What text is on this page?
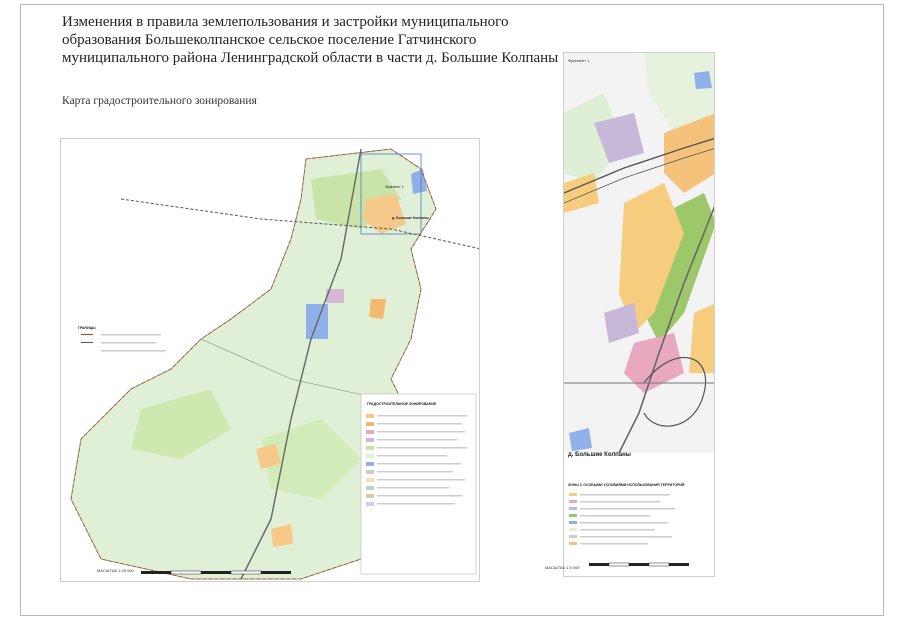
Изменения в правила землепользования и застройки муниципального образования Большеколпанское сельское поселение Гатчинского муниципального района Ленинградской области в части д. Большие Колпаны

Карта градостроительного зонирования

ГРАДОСТРОИТЕЛЬНОЕ ЗОНИРОВАНИЕ
ГРАНИЦЫ
Фрагмент 1
д. Большие Колпаны
МАСШТАБ 1:25 000
Фрагмент 1
д. Большие Колпаны
ЗОНЫ С ОСОБЫМИ УСЛОВИЯМИ ИСПОЛЬЗОВАНИЯ ТЕРРИТОРИЙ
МАСШТАБ 1:5 000
